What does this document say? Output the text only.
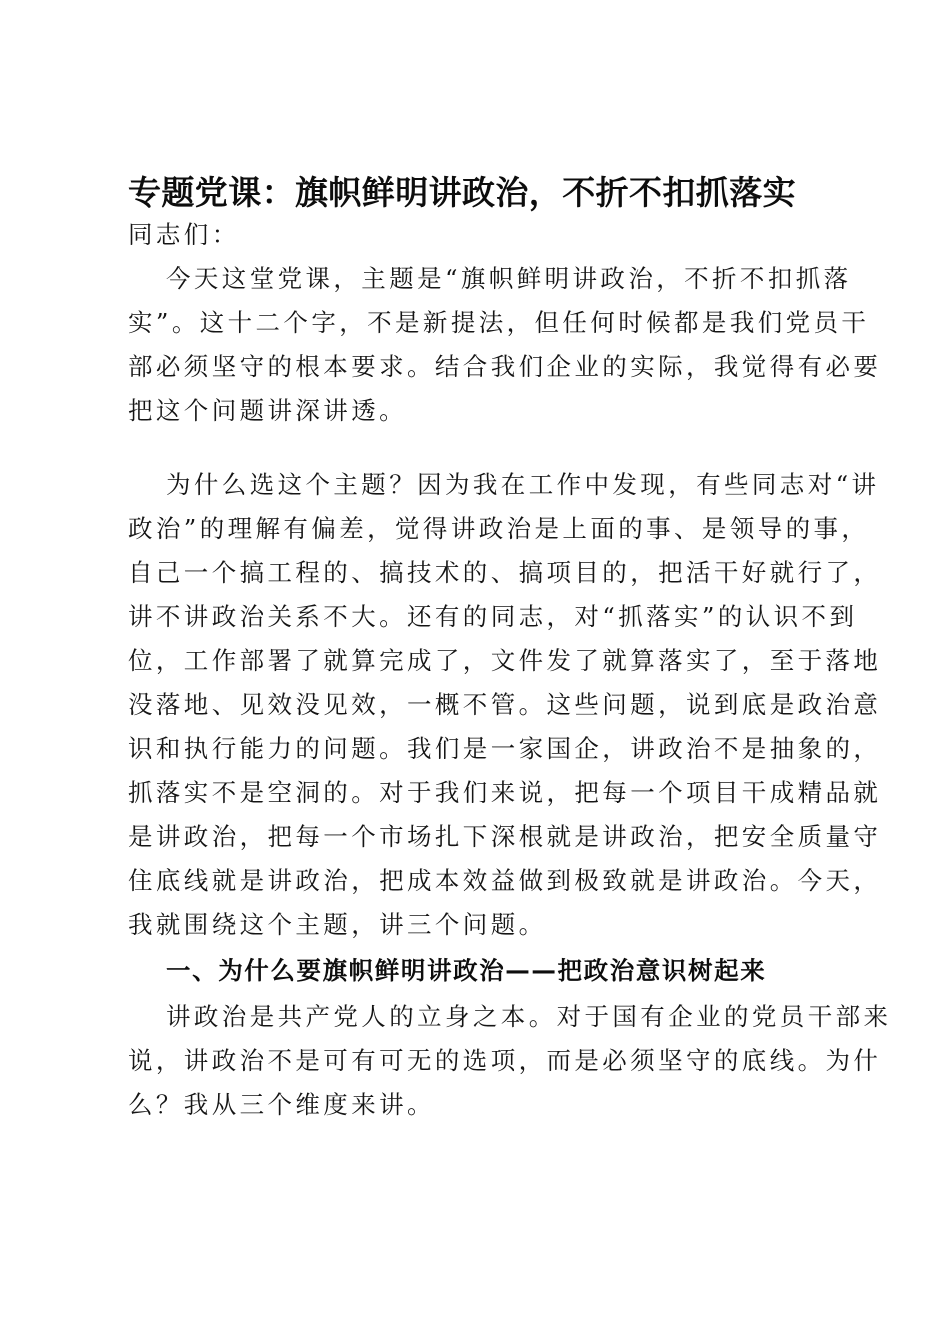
专题党课：旗帜鲜明讲政治，不折不扣抓落实
同志们：
今天这堂党课，主题是“旗帜鲜明讲政治，不折不扣抓落
实”。这十二个字，不是新提法，但任何时候都是我们党员干
部必须坚守的根本要求。结合我们企业的实际，我觉得有必要
把这个问题讲深讲透。
为什么选这个主题？因为我在工作中发现，有些同志对“讲
政治”的理解有偏差，觉得讲政治是上面的事、是领导的事，
自己一个搞工程的、搞技术的、搞项目的，把活干好就行了，
讲不讲政治关系不大。还有的同志，对“抓落实”的认识不到
位，工作部署了就算完成了，文件发了就算落实了，至于落地
没落地、见效没见效，一概不管。这些问题，说到底是政治意
识和执行能力的问题。我们是一家国企，讲政治不是抽象的，
抓落实不是空洞的。对于我们来说，把每一个项目干成精品就
是讲政治，把每一个市场扎下深根就是讲政治，把安全质量守
住底线就是讲政治，把成本效益做到极致就是讲政治。今天，
我就围绕这个主题，讲三个问题。
一、为什么要旗帜鲜明讲政治——把政治意识树起来
讲政治是共产党人的立身之本。对于国有企业的党员干部来
说，讲政治不是可有可无的选项，而是必须坚守的底线。为什
么？我从三个维度来讲。
